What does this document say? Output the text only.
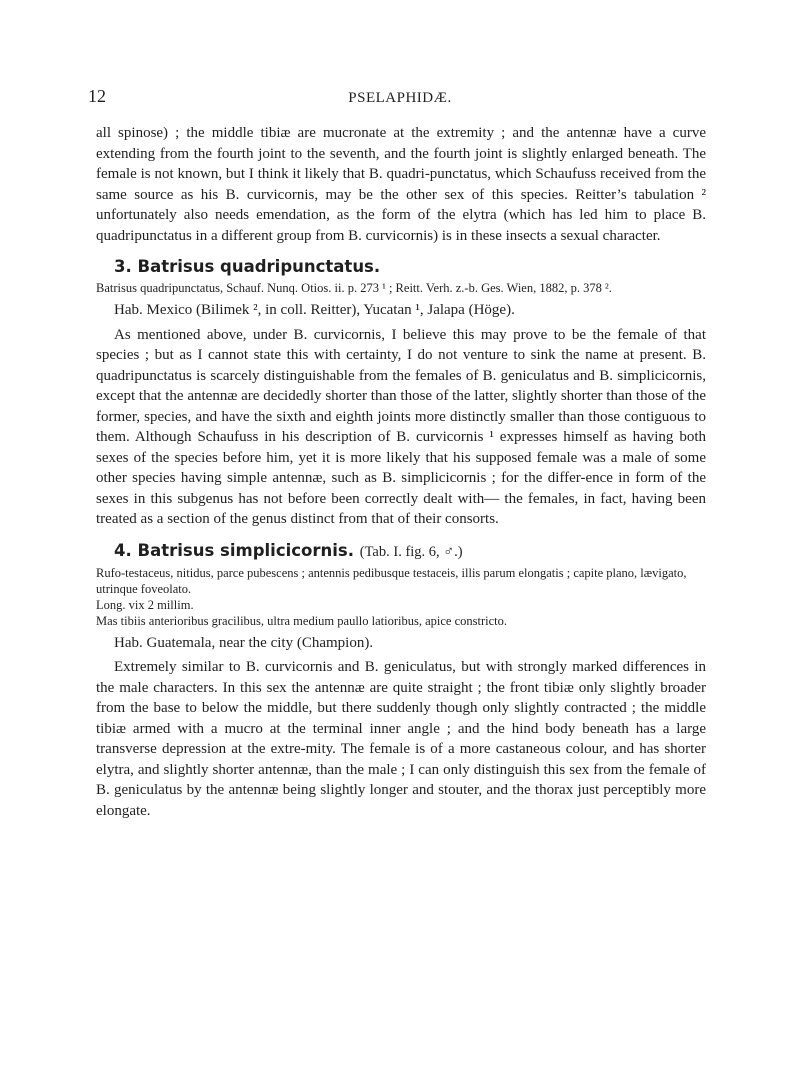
12	PSELAPHIDÆ.

all spinose) ; the middle tibiæ are mucronate at the extremity ; and the antennæ have a curve extending from the fourth joint to the seventh, and the fourth joint is slightly enlarged beneath. The female is not known, but I think it likely that B. quadri-punctatus, which Schaufuss received from the same source as his B. curvicornis, may be the other sex of this species. Reitter’s tabulation ² unfortunately also needs emendation, as the form of the elytra (which has led him to place B. quadripunctatus in a different group from B. curvicornis) is in these insects a sexual character.

3. Batrisus quadripunctatus.

Batrisus quadripunctatus, Schauf. Nunq. Otios. ii. p. 273 ¹ ; Reitt. Verh. z.-b. Ges. Wien, 1882, p. 378 ².

Hab. Mexico (Bilimek ², in coll. Reitter), Yucatan ¹, Jalapa (Höge).

As mentioned above, under B. curvicornis, I believe this may prove to be the female of that species ; but as I cannot state this with certainty, I do not venture to sink the name at present. B. quadripunctatus is scarcely distinguishable from the females of B. geniculatus and B. simplicicornis, except that the antennæ are decidedly shorter than those of the latter, slightly shorter than those of the former, species, and have the sixth and eighth joints more distinctly smaller than those contiguous to them. Although Schaufuss in his description of B. curvicornis ¹ expresses himself as having both sexes of the species before him, yet it is more likely that his supposed female was a male of some other species having simple antennæ, such as B. simplicicornis ; for the differ-ence in form of the sexes in this subgenus has not before been correctly dealt with— the females, in fact, having been treated as a section of the genus distinct from that of their consorts.

4. Batrisus simplicicornis. (Tab. I. fig. 6, ♂.)

Rufo-testaceus, nitidus, parce pubescens ; antennis pedibusque testaceis, illis parum elongatis ; capite plano, lævigato, utrinque foveolato.

Long. vix 2 millim.

Mas tibiis anterioribus gracilibus, ultra medium paullo latioribus, apice constricto.

Hab. Guatemala, near the city (Champion).

Extremely similar to B. curvicornis and B. geniculatus, but with strongly marked differences in the male characters. In this sex the antennæ are quite straight ; the front tibiæ only slightly broader from the base to below the middle, but there suddenly though only slightly contracted ; the middle tibiæ armed with a mucro at the terminal inner angle ; and the hind body beneath has a large transverse depression at the extre-mity. The female is of a more castaneous colour, and has shorter elytra, and slightly shorter antennæ, than the male ; I can only distinguish this sex from the female of B. geniculatus by the antennæ being slightly longer and stouter, and the thorax just perceptibly more elongate.
